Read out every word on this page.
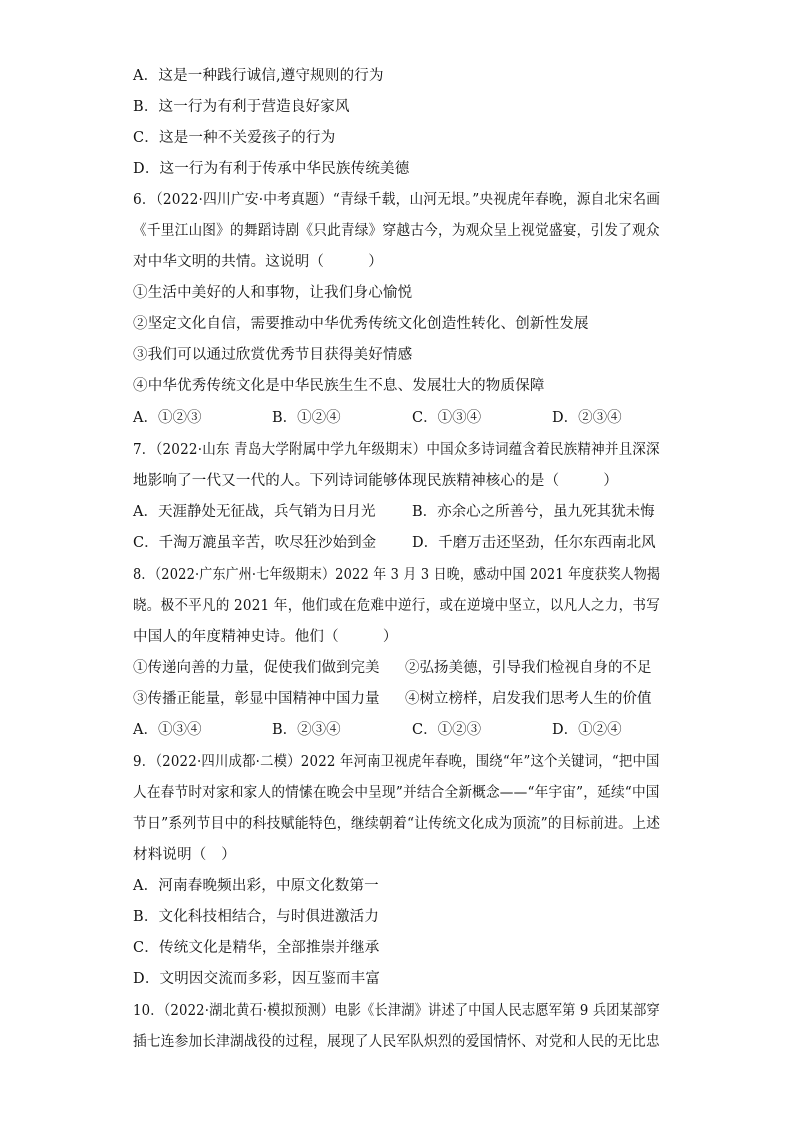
A．这是一种践行诚信,遵守规则的行为
B．这一行为有利于营造良好家风
C．这是一种不关爱孩子的行为
D．这一行为有利于传承中华民族传统美德
6．（2022·四川广安·中考真题）“青绿千载，山河无垠。”央视虎年春晚，源自北宋名画
《千里江山图》的舞蹈诗剧《只此青绿》穿越古今，为观众呈上视觉盛宴，引发了观众
对中华文明的共情。这说明（　　　）
①生活中美好的人和事物，让我们身心愉悦
②坚定文化自信，需要推动中华优秀传统文化创造性转化、创新性发展
③我们可以通过欣赏优秀节目获得美好情感
④中华优秀传统文化是中华民族生生不息、发展壮大的物质保障
A．①②③	B．①②④	C．①③④	D．②③④
7．（2022·山东 青岛大学附属中学九年级期末）中国众多诗词蕴含着民族精神并且深深
地影响了一代又一代的人。下列诗词能够体现民族精神核心的是（　　　）
A．天涯静处无征战，兵气销为日月光	B．亦余心之所善兮，虽九死其犹未悔
C．千淘万漉虽辛苦，吹尽狂沙始到金 D．千磨万击还坚劲，任尔东西南北风
8．（2022·广东广州·七年级期末）2022 年 3 月 3 日晚，感动中国 2021 年度获奖人物揭
晓。极不平凡的 2021 年，他们或在危难中逆行，或在逆境中坚立，以凡人之力，书写
中国人的年度精神史诗。他们（　　　）
①传递向善的力量，促使我们做到完美 ②弘扬美德，引导我们检视自身的不足
③传播正能量，彰显中国精神中国力量 ④树立榜样，启发我们思考人生的价值
A．①③④	B．②③④	C．①②③	D．①②④
9．（2022·四川成都·二模）2022 年河南卫视虎年春晚，围绕“年”这个关键词，“把中国
人在春节时对家和家人的情愫在晚会中呈现”并结合全新概念——“年宇宙”，延续“中国
节日”系列节目中的科技赋能特色，继续朝着“让传统文化成为顶流”的目标前进。上述
材料说明（　）
A．河南春晚频出彩，中原文化数第一
B．文化科技相结合，与时俱进激活力
C．传统文化是精华，全部推崇并继承
D．文明因交流而多彩，因互鉴而丰富
10．（2022·湖北黄石·模拟预测）电影《长津湖》讲述了中国人民志愿军第 9 兵团某部穿
插七连参加长津湖战役的过程，展现了人民军队炽烈的爱国情怀、对党和人民的无比忠
